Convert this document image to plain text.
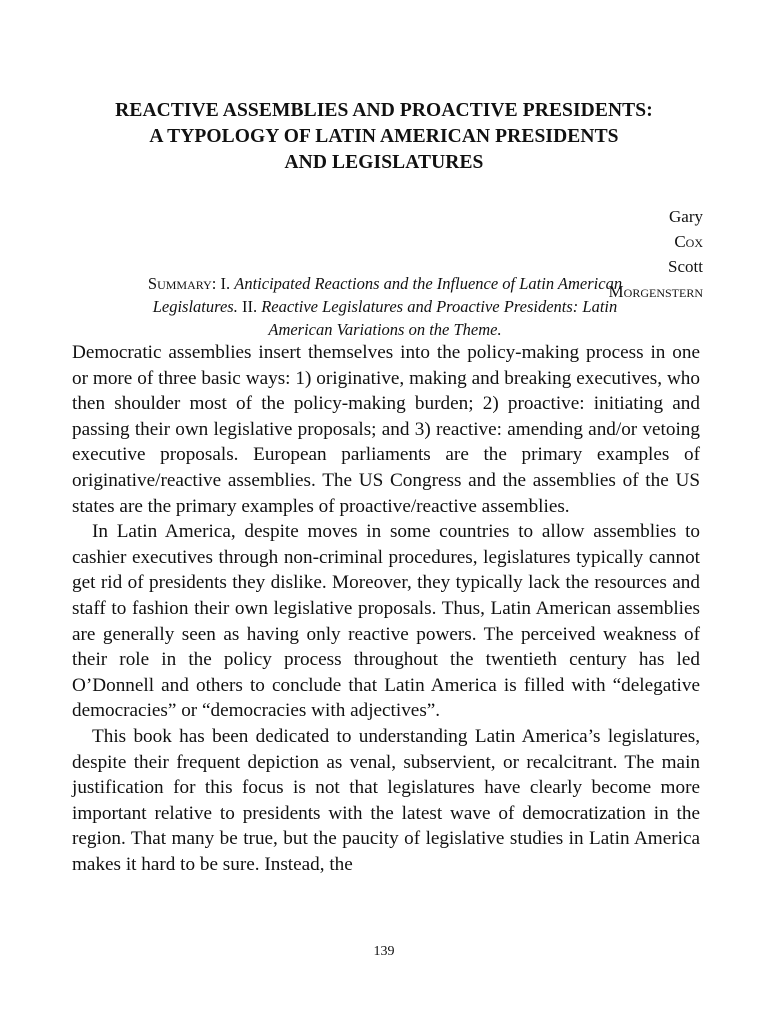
REACTIVE ASSEMBLIES AND PROACTIVE PRESIDENTS:
A TYPOLOGY OF LATIN AMERICAN PRESIDENTS
AND LEGISLATURES
Gary
Cox
Scott
Morgenstern
Summary: I. Anticipated Reactions and the Influence of Latin American Legislatures. II. Reactive Legislatures and Proactive Presidents: Latin American Variations on the Theme.

Democratic assemblies insert themselves into the policy-making process in one or more of three basic ways: 1) originative, making and breaking executives, who then shoulder most of the policy-making burden; 2) proactive: initiating and passing their own legislative proposals; and 3) reactive: amending and/or vetoing executive proposals. European parliaments are the primary examples of originative/reactive assemblies. The US Congress and the assemblies of the US states are the primary examples of proactive/reactive assemblies.

In Latin America, despite moves in some countries to allow assemblies to cashier executives through non-criminal procedures, legislatures typically cannot get rid of presidents they dislike. Moreover, they typically lack the resources and staff to fashion their own legislative proposals. Thus, Latin American assemblies are generally seen as having only reactive powers. The perceived weakness of their role in the policy process throughout the twentieth century has led O’Donnell and others to conclude that Latin America is filled with “delegative democracies” or “democracies with adjectives”.

This book has been dedicated to understanding Latin America’s legislatures, despite their frequent depiction as venal, subservient, or recalcitrant. The main justification for this focus is not that legislatures have clearly become more important relative to presidents with the latest wave of democratization in the region. That many be true, but the paucity of legislative studies in Latin America makes it hard to be sure. Instead, the

139
